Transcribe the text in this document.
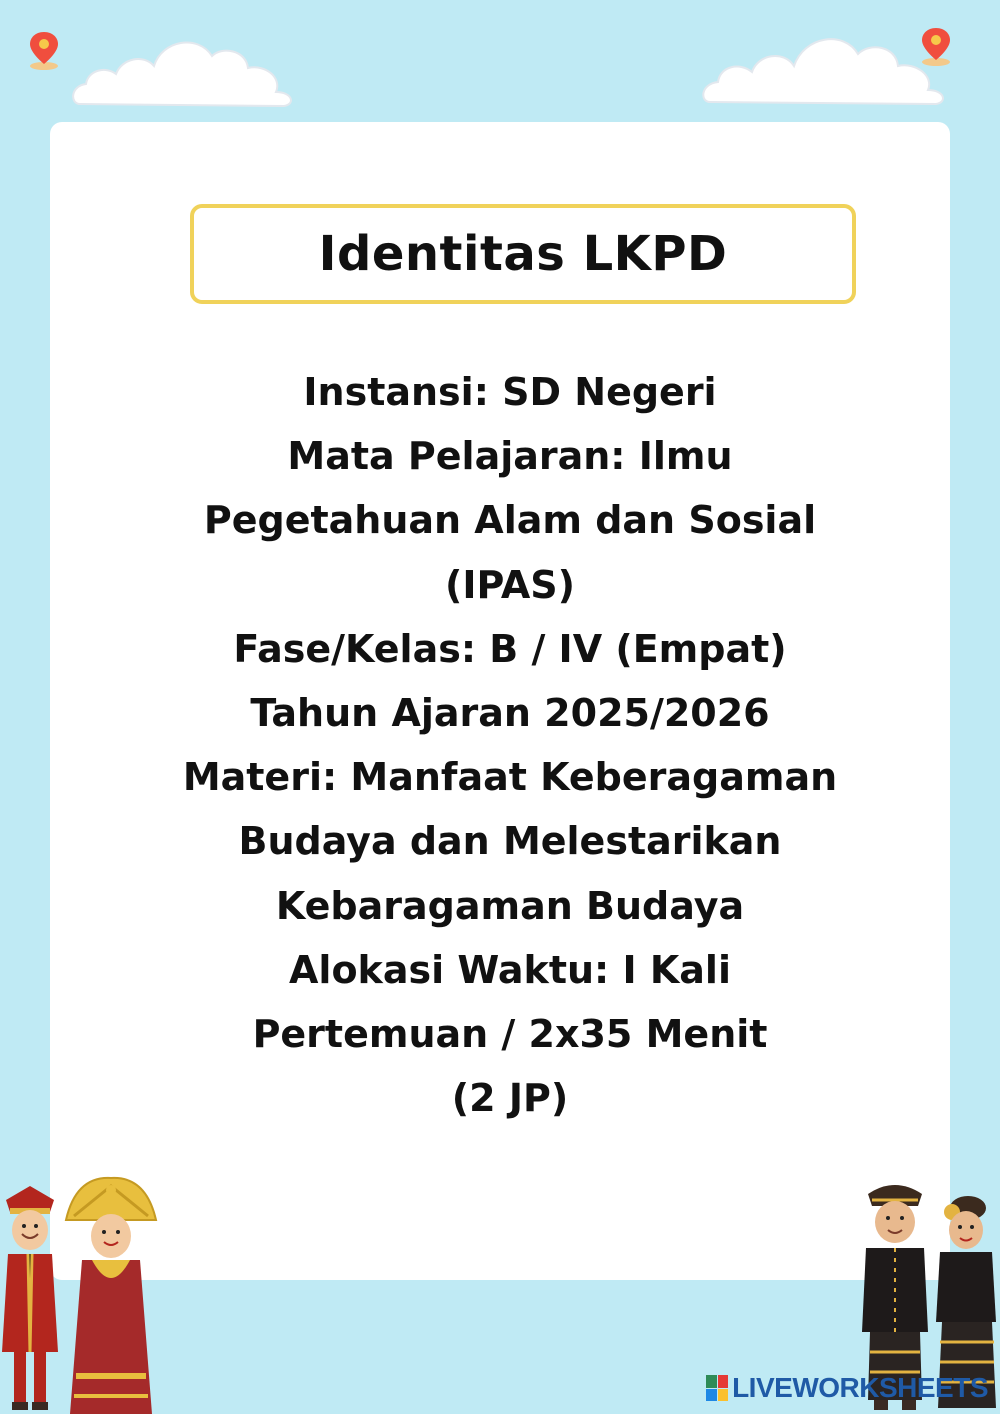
Identitas LKPD
Instansi: SD Negeri
Mata Pelajaran: Ilmu
Pegetahuan Alam dan Sosial
(IPAS)
Fase/Kelas: B / IV (Empat)
Tahun Ajaran 2025/2026
Materi: Manfaat Keberagaman
Budaya dan Melestarikan
Kebaragaman Budaya
Alokasi Waktu: I Kali
Pertemuan / 2x35 Menit
(2 JP)
LIVEWORKSHEETS
